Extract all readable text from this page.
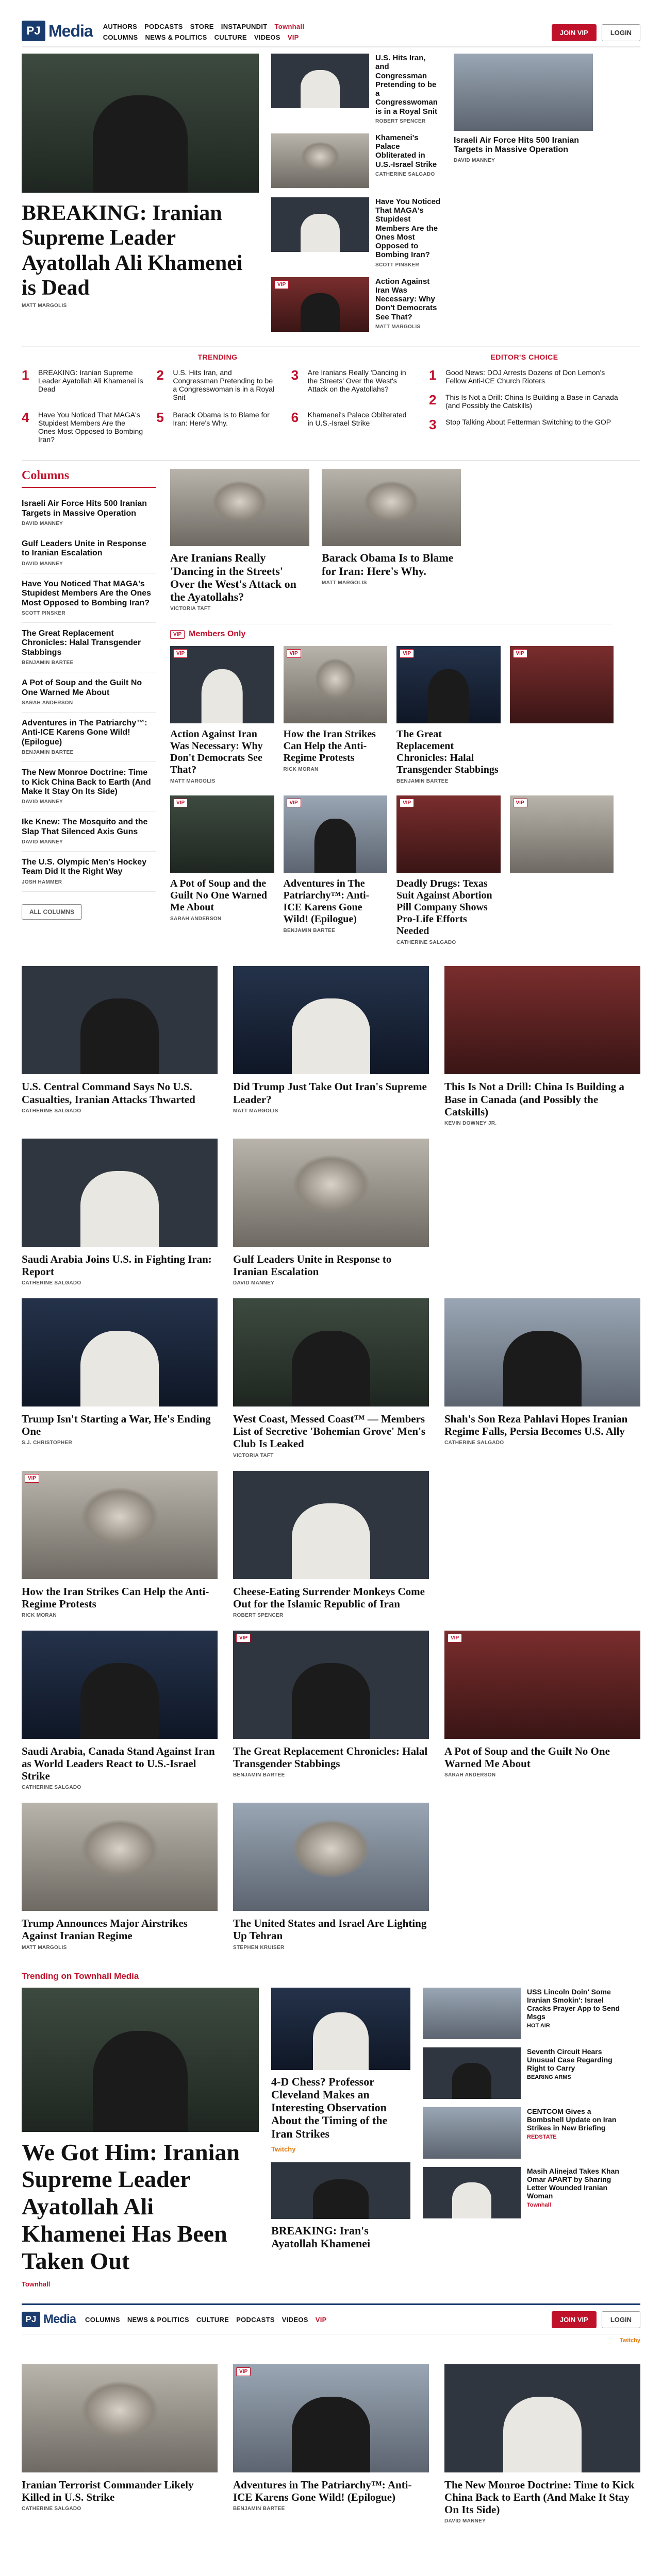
PJ Media AUTHORS PODCASTS STORE INSTAPUNDIT Townhall
COLUMNS NEWS & POLITICS CULTURE VIDEOS VIP
JOIN VIP	LOGIN
BREAKING: Iranian Supreme Leader Ayatollah Ali Khamenei is Dead
MATT MARGOLIS
U.S. Hits Iran, and Congressman Pretending to be a Congresswoman is in a Royal Snit
ROBERT SPENCER
Khamenei's Palace Obliterated in U.S.-Israel Strike
CATHERINE SALGADO
Have You Noticed That MAGA's Stupidest Members Are the Ones Most Opposed to Bombing Iran?
SCOTT PINSKER
VIP	Action Against Iran Was Necessary: Why Don't Democrats See That?
MATT MARGOLIS
Israeli Air Force Hits 500 Iranian Targets in Massive Operation
DAVID MANNEY
TRENDING
1	BREAKING: Iranian Supreme Leader Ayatollah Ali Khamenei is Dead
2	U.S. Hits Iran, and Congressman Pretending to be a Congresswoman is in a Royal Snit
3	Are Iranians Really 'Dancing in the Streets' Over the West's Attack on the Ayatollahs?
4	Have You Noticed That MAGA's Stupidest Members Are the Ones Most Opposed to Bombing Iran?
5	Barack Obama Is to Blame for Iran: Here's Why.	6	Khamenei's Palace Obliterated in U.S.-Israel Strike
EDITOR'S CHOICE
1	Good News: DOJ Arrests Dozens of Don Lemon's Fellow Anti-ICE Church Rioters
2	This Is Not a Drill: China Is Building a Base in Canada (and Possibly the Catskills)
3	Stop Talking About Fetterman Switching to the GOP
Columns
Israeli Air Force Hits 500 Iranian Targets in Massive Operation
DAVID MANNEY
Gulf Leaders Unite in Response to Iranian Escalation
DAVID MANNEY
Have You Noticed That MAGA's Stupidest Members Are the Ones Most Opposed to Bombing Iran?
SCOTT PINSKER
The Great Replacement Chronicles: Halal Transgender Stabbings
BENJAMIN BARTEE
A Pot of Soup and the Guilt No One Warned Me About
SARAH ANDERSON
Adventures in The Patriarchy™: Anti-ICE Karens Gone Wild! (Epilogue)
BENJAMIN BARTEE
The New Monroe Doctrine: Time to Kick China Back to Earth (And Make It Stay On Its Side)
DAVID MANNEY
Ike Knew: The Mosquito and the Slap That Silenced Axis Guns
DAVID MANNEY
The U.S. Olympic Men's Hockey Team Did It the Right Way
JOSH HAMMER
ALL COLUMNS
Are Iranians Really 'Dancing in the Streets' Over the West's Attack on the Ayatollahs?
VICTORIA TAFT
Barack Obama Is to Blame for Iran: Here's Why.
MATT MARGOLIS
VIP Members Only
VIP
Action Against Iran Was Necessary: Why Don't Democrats See That?
MATT MARGOLIS
VIP
How the Iran Strikes Can Help the Anti-Regime Protests
RICK MORAN
VIP
The Great Replacement Chronicles: Halal Transgender Stabbings
BENJAMIN BARTEE
VIP
VIP
A Pot of Soup and the Guilt No One Warned Me About
SARAH ANDERSON
VIP
Adventures in The Patriarchy™: Anti-ICE Karens Gone Wild! (Epilogue)
BENJAMIN BARTEE
VIP
Deadly Drugs: Texas Suit Against Abortion Pill Company Shows Pro-Life Efforts Needed
CATHERINE SALGADO
VIP
U.S. Central Command Says No U.S. Casualties, Iranian Attacks Thwarted
CATHERINE SALGADO
Did Trump Just Take Out Iran's Supreme Leader?
MATT MARGOLIS
This Is Not a Drill: China Is Building a Base in Canada (and Possibly the Catskills)
KEVIN DOWNEY JR.
Saudi Arabia Joins U.S. in Fighting Iran: Report
CATHERINE SALGADO
Gulf Leaders Unite in Response to Iranian Escalation
DAVID MANNEY
Trump Isn't Starting a War, He's Ending One
S.J. CHRISTOPHER
West Coast, Messed Coast™ — Members List of Secretive 'Bohemian Grove' Men's Club Is Leaked
VICTORIA TAFT
Shah's Son Reza Pahlavi Hopes Iranian Regime Falls, Persia Becomes U.S. Ally
CATHERINE SALGADO
VIP
How the Iran Strikes Can Help the Anti-Regime Protests
RICK MORAN
Cheese-Eating Surrender Monkeys Come Out for the Islamic Republic of Iran
ROBERT SPENCER
Saudi Arabia, Canada Stand Against Iran as World Leaders React to U.S.-Israel Strike
CATHERINE SALGADO
VIP
The Great Replacement Chronicles: Halal Transgender Stabbings
BENJAMIN BARTEE
VIP
A Pot of Soup and the Guilt No One Warned Me About
SARAH ANDERSON
Trump Announces Major Airstrikes Against Iranian Regime
MATT MARGOLIS
The United States and Israel Are Lighting Up Tehran
STEPHEN KRUISER
Trending on Townhall Media
We Got Him: Iranian Supreme Leader Ayatollah Ali Khamenei Has Been Taken Out
Townhall
4-D Chess? Professor Cleveland Makes an Interesting Observation About the Timing of the Iran Strikes
Twitchy
BREAKING: Iran's Ayatollah Khamenei
USS Lincoln Doin' Some Iranian Smokin': Israel Cracks Prayer App to Send Msgs
HOT AIR
Seventh Circuit Hears Unusual Case Regarding Right to Carry
BEARING ARMS
CENTCOM Gives a Bombshell Update on Iran Strikes in New Briefing
REDSTATE
Masih Alinejad Takes Khan Omar APART by Sharing Letter Wounded Iranian Woman
Townhall
PJ Media COLUMNS NEWS & POLITICS CULTURE PODCASTS VIDEOS VIP	JOIN VIP	LOGIN
Twitchy
Iranian Terrorist Commander Likely Killed in U.S. Strike
CATHERINE SALGADO
VIP
Adventures in The Patriarchy™: Anti-ICE Karens Gone Wild! (Epilogue)
BENJAMIN BARTEE
The New Monroe Doctrine: Time to Kick China Back to Earth (And Make It Stay On Its Side)
DAVID MANNEY
